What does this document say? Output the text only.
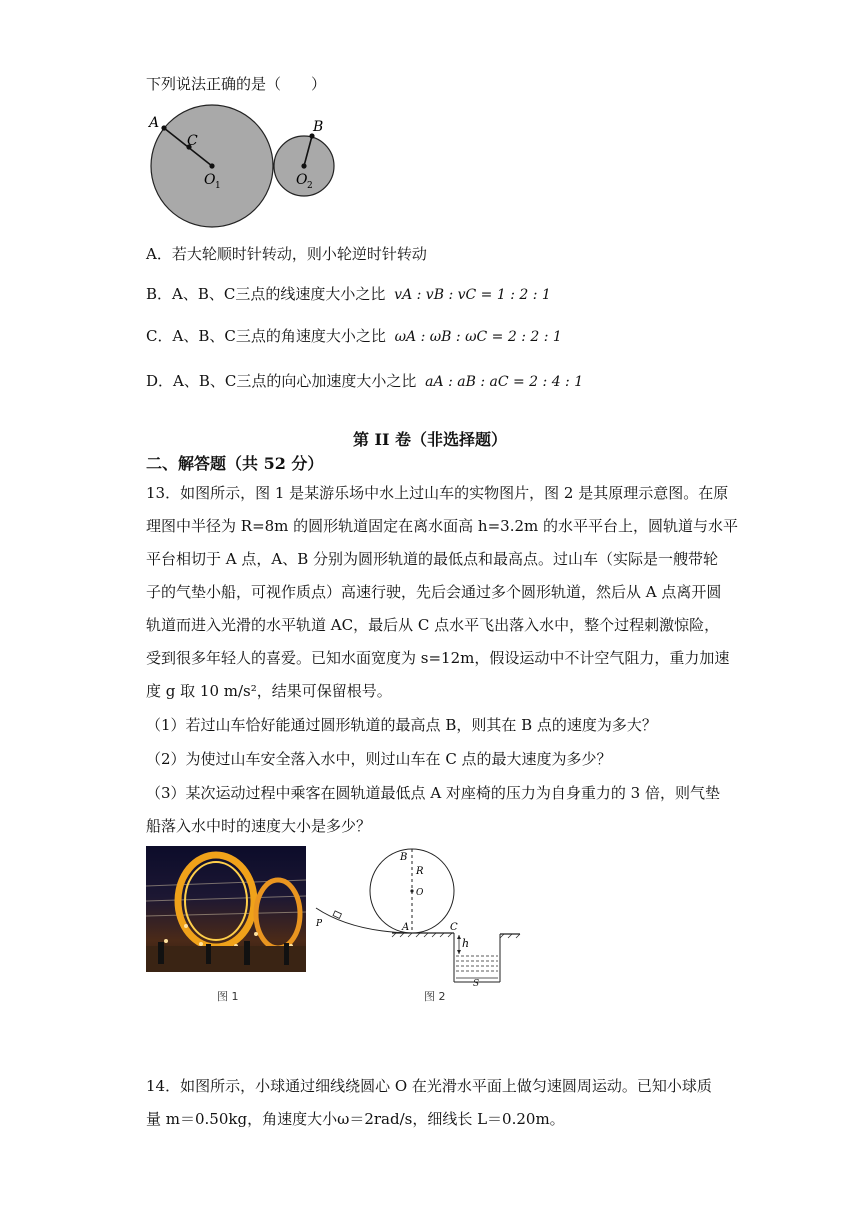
下列说法正确的是（　　）
A
C
O 1
B
O 2
A．若大轮顺时针转动，则小轮逆时针转动
B．A、B、C三点的线速度大小之比 vA : vB : vC = 1 : 2 : 1
C．A、B、C三点的角速度大小之比 ωA : ωB : ωC = 2 : 2 : 1
D．A、B、C三点的向心加速度大小之比 aA : aB : aC = 2 : 4 : 1
第 II 卷（非选择题）
二、解答题（共 52 分）
13．如图所示，图 1 是某游乐场中水上过山车的实物图片，图 2 是其原理示意图。在原
理图中半径为 R=8m 的圆形轨道固定在离水面高 h=3.2m 的水平平台上，圆轨道与水平
平台相切于 A 点，A、B 分别为圆形轨道的最低点和最高点。过山车（实际是一艘带轮
子的气垫小船，可视作质点）高速行驶，先后会通过多个圆形轨道，然后从 A 点离开圆
轨道而进入光滑的水平轨道 AC，最后从 C 点水平飞出落入水中，整个过程刺激惊险，
受到很多年轻人的喜爱。已知水面宽度为 s=12m，假设运动中不计空气阻力，重力加速
度 g 取 10 m/s²，结果可保留根号。
（1）若过山车恰好能通过圆形轨道的最高点 B，则其在 B 点的速度为多大？
（2）为使过山车安全落入水中，则过山车在 C 点的最大速度为多少？
（3）某次运动过程中乘客在圆轨道最低点 A 对座椅的压力为自身重力的 3 倍，则气垫
船落入水中时的速度大小是多少？
图 1
B
R
O
A	C
h
P
S
图 2
14．如图所示，小球通过细线绕圆心 O 在光滑水平面上做匀速圆周运动。已知小球质
量 m＝0.50kg，角速度大小ω＝2rad/s，细线长 L＝0.20m。
